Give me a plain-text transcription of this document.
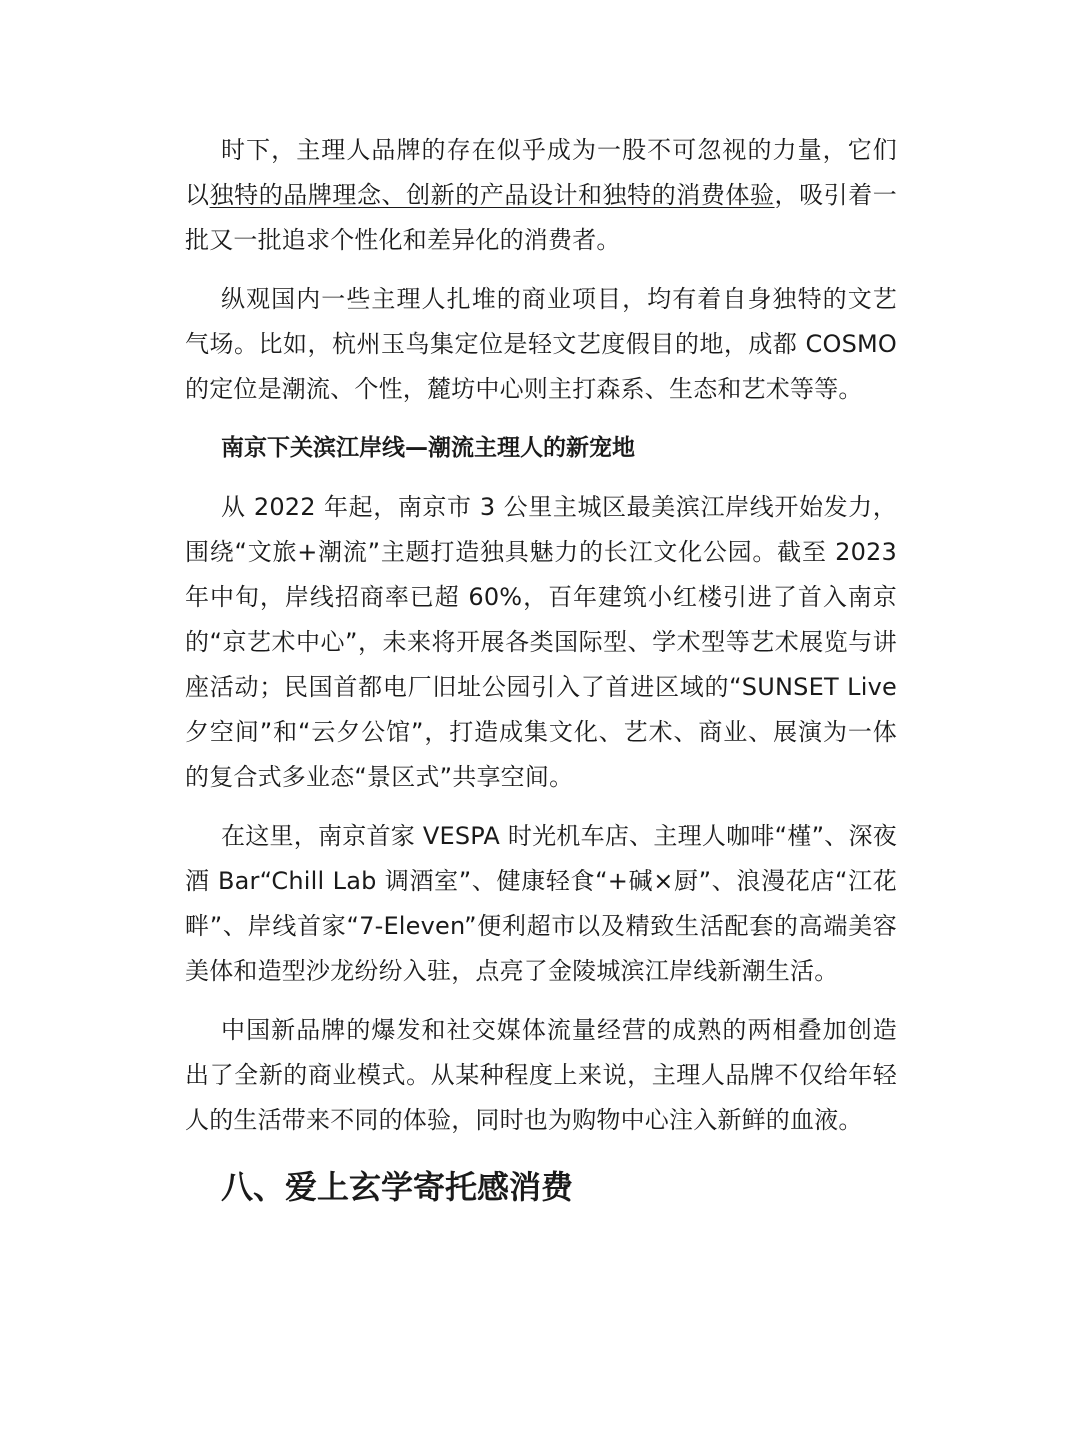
时下，主理人品牌的存在似乎成为一股不可忽视的力量，它们以独特的品牌理念、创新的产品设计和独特的消费体验，吸引着一批又一批追求个性化和差异化的消费者。

纵观国内一些主理人扎堆的商业项目，均有着自身独特的文艺气场。比如，杭州玉鸟集定位是轻文艺度假目的地，成都 COSMO 的定位是潮流、个性，麓坊中心则主打森系、生态和艺术等等。

南京下关滨江岸线—潮流主理人的新宠地

从 2022 年起，南京市 3 公里主城区最美滨江岸线开始发力，围绕“文旅+潮流”主题打造独具魅力的长江文化公园。截至 2023 年中旬，岸线招商率已超 60%，百年建筑小红楼引进了首入南京的“京艺术中心”，未来将开展各类国际型、学术型等艺术展览与讲座活动；民国首都电厂旧址公园引入了首进区域的“SUNSET Live 夕空间”和“云夕公馆”，打造成集文化、艺术、商业、展演为一体的复合式多业态“景区式”共享空间。

在这里，南京首家 VESPA 时光机车店、主理人咖啡“槿”、深夜酒 Bar“Chill Lab 调酒室”、健康轻食“+碱×厨”、浪漫花店“江花畔”、岸线首家“7-Eleven”便利超市以及精致生活配套的高端美容美体和造型沙龙纷纷入驻，点亮了金陵城滨江岸线新潮生活。

中国新品牌的爆发和社交媒体流量经营的成熟的两相叠加创造出了全新的商业模式。从某种程度上来说，主理人品牌不仅给年轻人的生活带来不同的体验，同时也为购物中心注入新鲜的血液。

八、爱上玄学寄托感消费
